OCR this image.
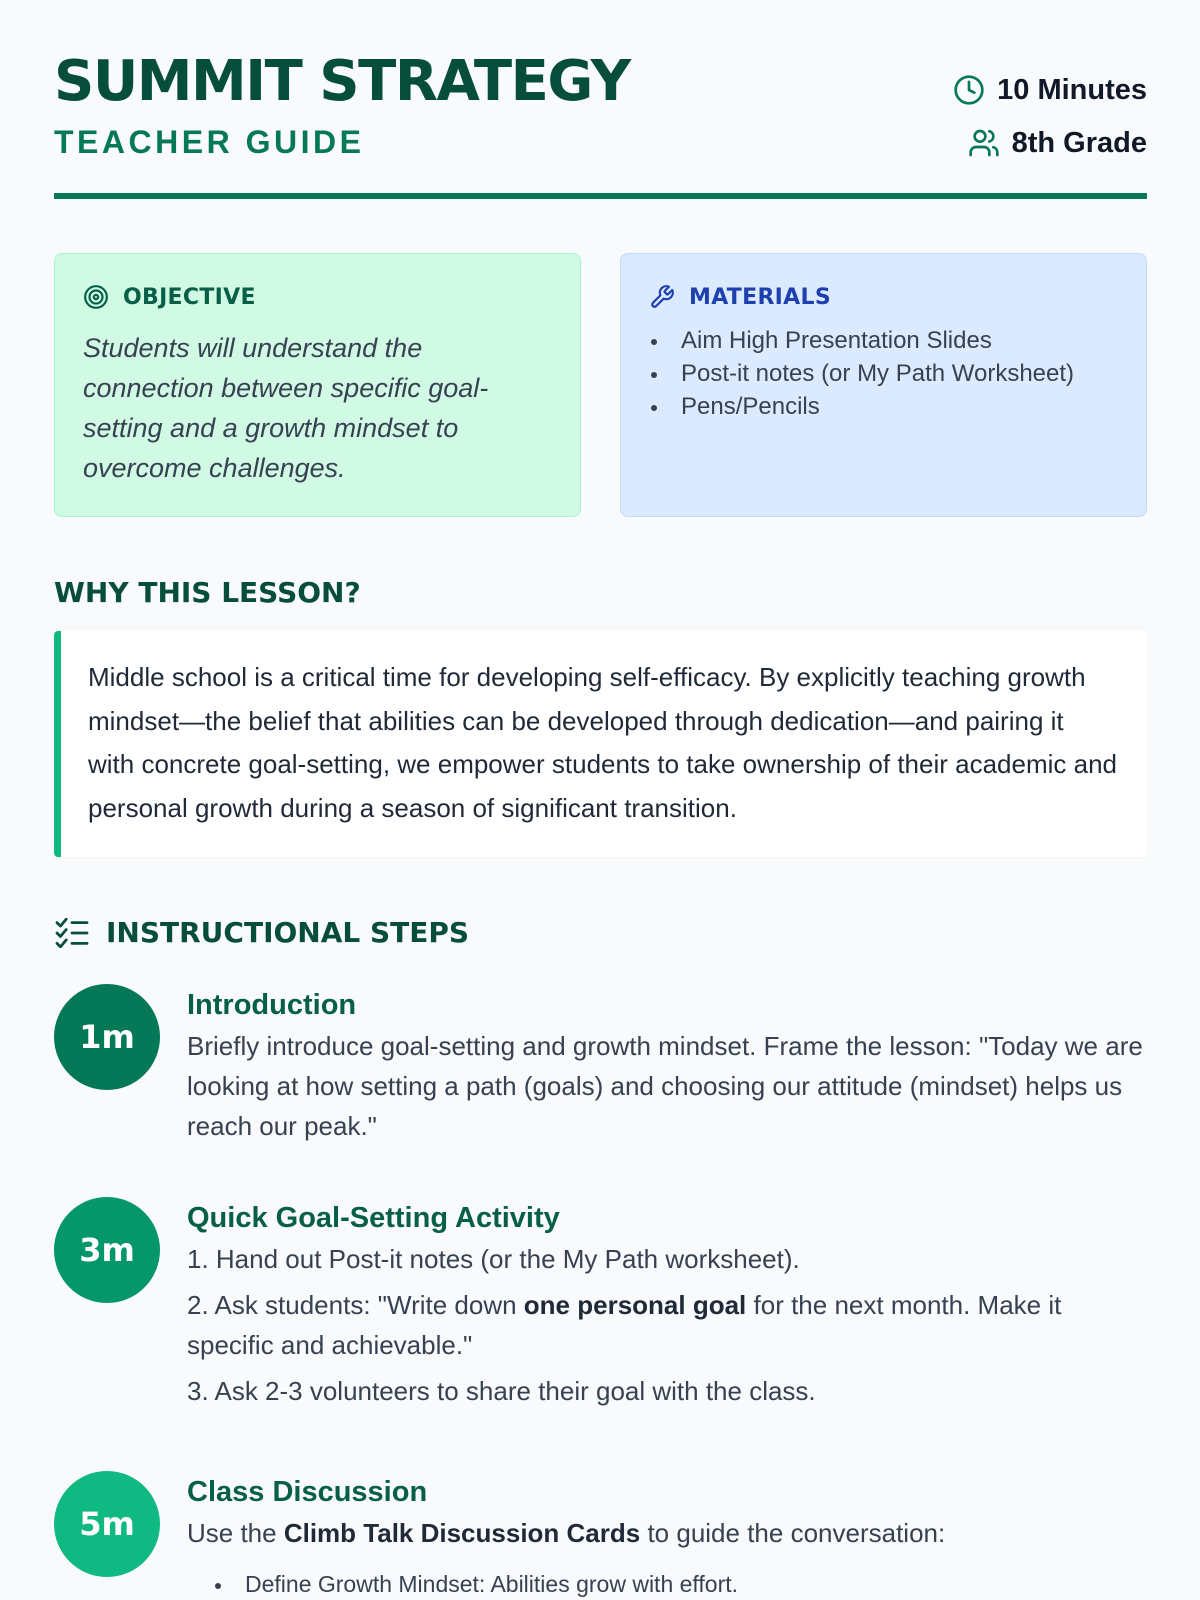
SUMMIT STRATEGY
TEACHER GUIDE
10 Minutes
8th Grade
OBJECTIVE
Students will understand the connection between specific goal-setting and a growth mindset to overcome challenges.
MATERIALS
Aim High Presentation Slides
Post-it notes (or My Path Worksheet)
Pens/Pencils
WHY THIS LESSON?
Middle school is a critical time for developing self-efficacy. By explicitly teaching growth mindset—the belief that abilities can be developed through dedication—and pairing it with concrete goal-setting, we empower students to take ownership of their academic and personal growth during a season of significant transition.
INSTRUCTIONAL STEPS
1m
Introduction
Briefly introduce goal-setting and growth mindset. Frame the lesson: "Today we are looking at how setting a path (goals) and choosing our attitude (mindset) helps us reach our peak."
3m
Quick Goal-Setting Activity
1. Hand out Post-it notes (or the My Path worksheet).
2. Ask students: "Write down one personal goal for the next month. Make it specific and achievable."
3. Ask 2-3 volunteers to share their goal with the class.
5m
Class Discussion
Use the Climb Talk Discussion Cards to guide the conversation:
Define Growth Mindset: Abilities grow with effort.
